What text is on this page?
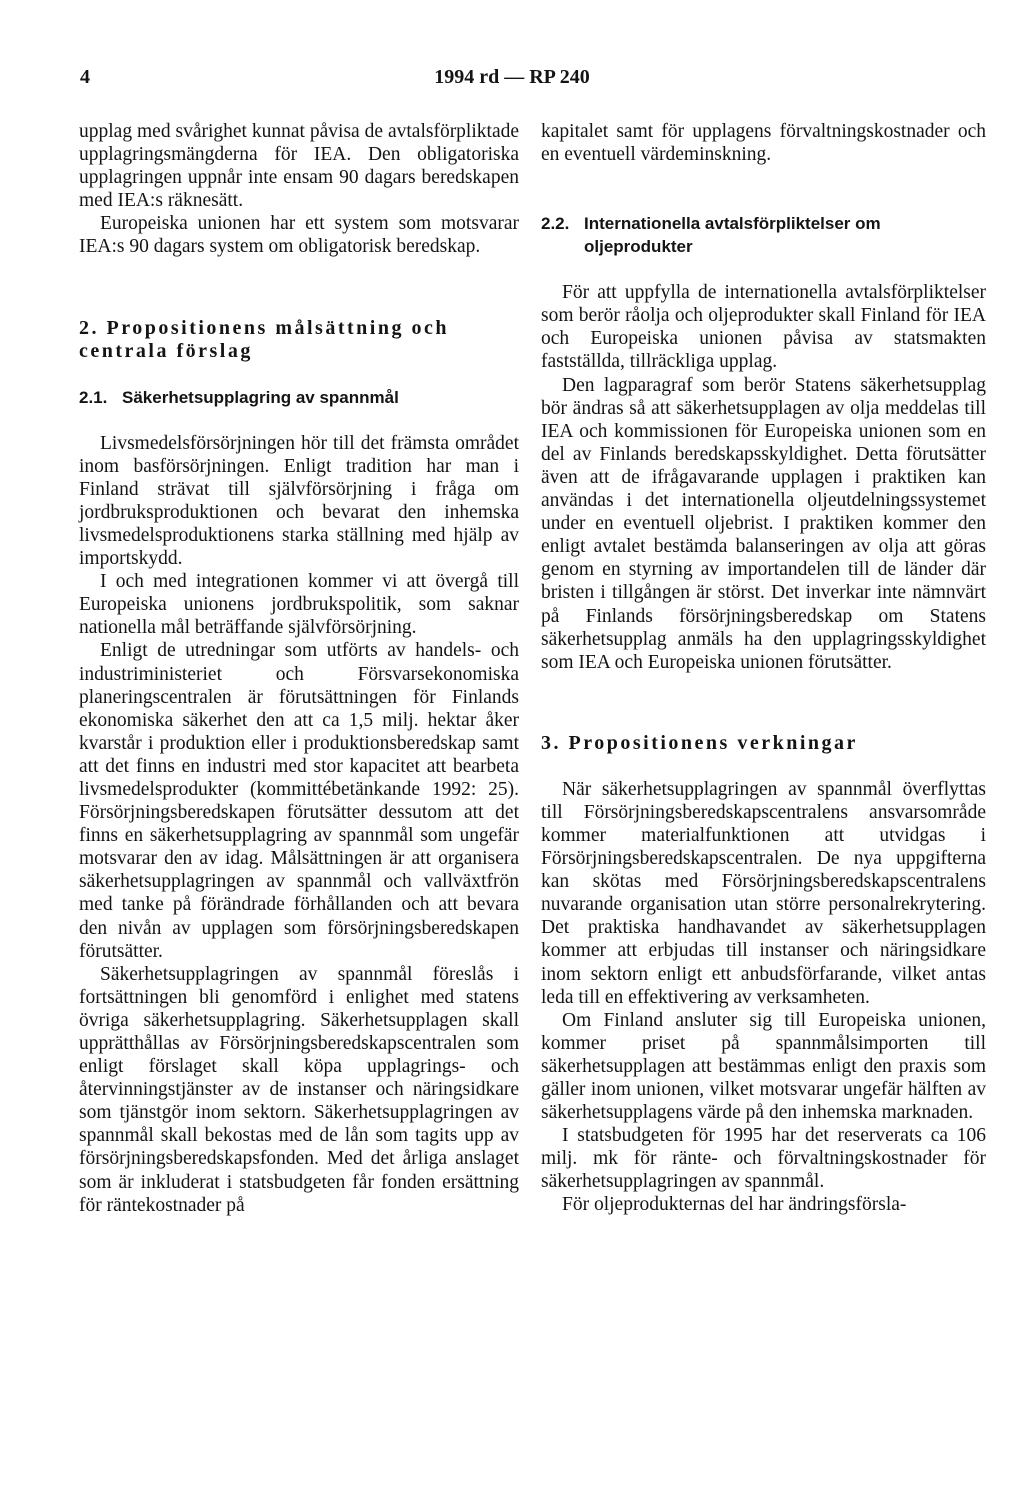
4	1994 rd — RP 240

upplag med svårighet kunnat påvisa de avtalsförpliktade upplagringsmängderna för IEA. Den obligatoriska upplagringen uppnår inte ensam 90 dagars beredskapen med IEA:s räknesätt.

Europeiska unionen har ett system som motsvarar IEA:s 90 dagars system om obligatorisk beredskap.

2. Propositionens målsättning och centrala förslag
2.1. Säkerhetsupplagring av spannmål

Livsmedelsförsörjningen hör till det främsta området inom basförsörjningen. Enligt tradition har man i Finland strävat till självförsörjning i fråga om jordbruksproduktionen och bevarat den inhemska livsmedelsproduktionens starka ställning med hjälp av importskydd.

I och med integrationen kommer vi att övergå till Europeiska unionens jordbrukspolitik, som saknar nationella mål beträffande självförsörjning.

Enligt de utredningar som utförts av handels- och industriministeriet och Försvarsekonomiska planeringscentralen är förutsättningen för Finlands ekonomiska säkerhet den att ca 1,5 milj. hektar åker kvarstår i produktion eller i produktionsberedskap samt att det finns en industri med stor kapacitet att bearbeta livsmedelsprodukter (kommittébetänkande 1992: 25). Försörjningsberedskapen förutsätter dessutom att det finns en säkerhetsupplagring av spannmål som ungefär motsvarar den av idag. Målsättningen är att organisera säkerhetsupplagringen av spannmål och vallväxtfrön med tanke på förändrade förhållanden och att bevara den nivån av upplagen som försörjningsberedskapen förutsätter.

Säkerhetsupplagringen av spannmål föreslås i fortsättningen bli genomförd i enlighet med statens övriga säkerhetsupplagring. Säkerhetsupplagen skall upprätthållas av Försörjningsberedskapscentralen som enligt förslaget skall köpa upplagrings- och återvinningstjänster av de instanser och näringsidkare som tjänstgör inom sektorn. Säkerhetsupplagringen av spannmål skall bekostas med de lån som tagits upp av försörjningsberedskapsfonden. Med det årliga anslaget som är inkluderat i statsbudgeten får fonden ersättning för räntekostnader på

kapitalet samt för upplagens förvaltningskostnader och en eventuell värdeminskning.

2.2. Internationella avtalsförpliktelser om oljeprodukter

För att uppfylla de internationella avtalsförpliktelser som berör råolja och oljeprodukter skall Finland för IEA och Europeiska unionen påvisa av statsmakten fastställda, tillräckliga upplag.

Den lagparagraf som berör Statens säkerhetsupplag bör ändras så att säkerhetsupplagen av olja meddelas till IEA och kommissionen för Europeiska unionen som en del av Finlands beredskapsskyldighet. Detta förutsätter även att de ifrågavarande upplagen i praktiken kan användas i det internationella oljeutdelningssystemet under en eventuell oljebrist. I praktiken kommer den enligt avtalet bestämda balanseringen av olja att göras genom en styrning av importandelen till de länder där bristen i tillgången är störst. Det inverkar inte nämnvärt på Finlands försörjningsberedskap om Statens säkerhetsupplag anmäls ha den upplagringsskyldighet som IEA och Europeiska unionen förutsätter.

3. Propositionens verkningar

När säkerhetsupplagringen av spannmål överflyttas till Försörjningsberedskapscentralens ansvarsområde kommer materialfunktionen att utvidgas i Försörjningsberedskapscentralen. De nya uppgifterna kan skötas med Försörjningsberedskapscentralens nuvarande organisation utan större personalrekrytering. Det praktiska handhavandet av säkerhetsupplagen kommer att erbjudas till instanser och näringsidkare inom sektorn enligt ett anbudsförfarande, vilket antas leda till en effektivering av verksamheten.

Om Finland ansluter sig till Europeiska unionen, kommer priset på spannmålsimporten till säkerhetsupplagen att bestämmas enligt den praxis som gäller inom unionen, vilket motsvarar ungefär hälften av säkerhetsupplagens värde på den inhemska marknaden.

I statsbudgeten för 1995 har det reserverats ca 106 milj. mk för ränte- och förvaltningskostnader för säkerhetsupplagringen av spannmål.

För oljeprodukternas del har ändringsförsla-
